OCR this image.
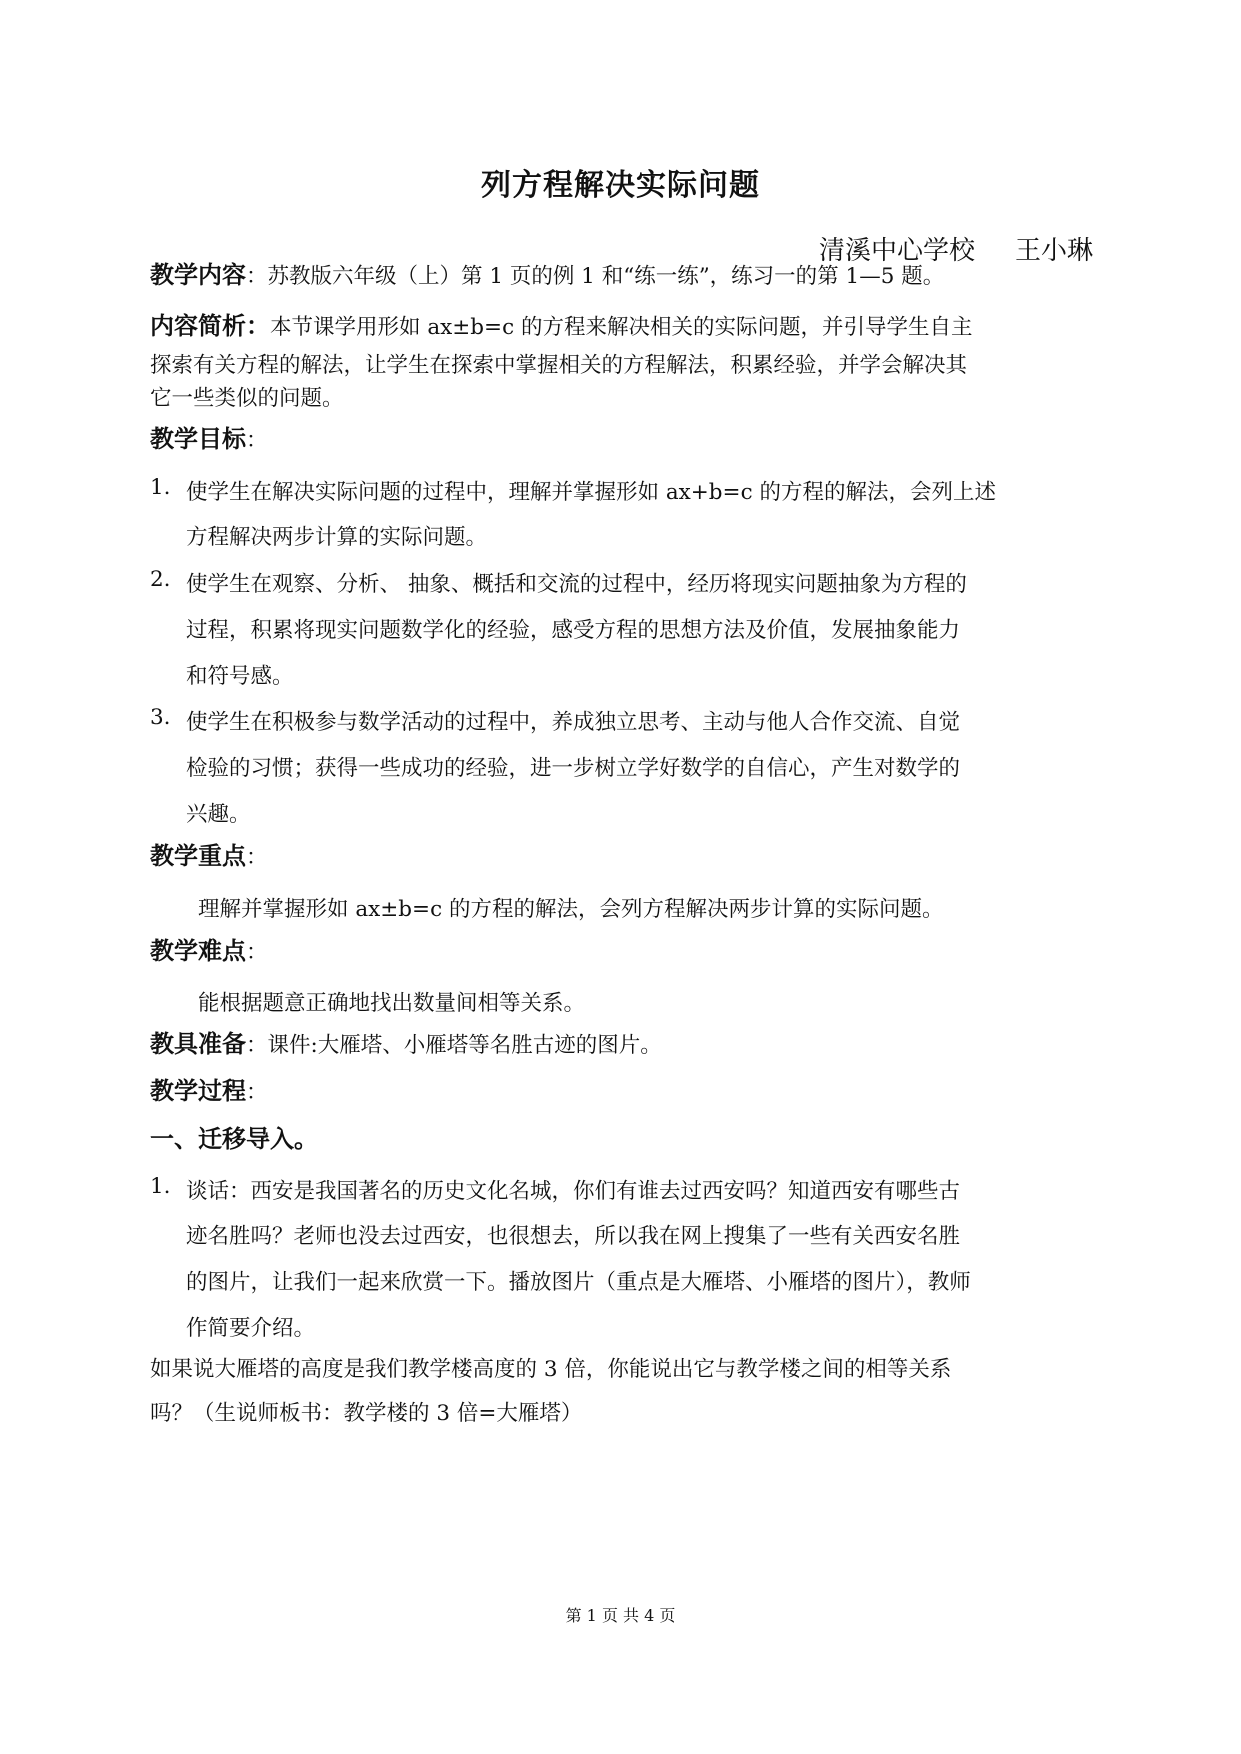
列方程解决实际问题
清溪中心学校 王小琳
教学内容：苏教版六年级（上）第 1 页的例 1 和“练一练”，练习一的第 1—5 题。
内容简析：本节课学用形如 ax±b=c 的方程来解决相关的实际问题，并引导学生自主
探索有关方程的解法，让学生在探索中掌握相关的方程解法，积累经验，并学会解决其
它一些类似的问题。
教学目标：
1. 使学生在解决实际问题的过程中，理解并掌握形如 ax+b=c 的方程的解法，会列上述
方程解决两步计算的实际问题。
2. 使学生在观察、分析、 抽象、概括和交流的过程中，经历将现实问题抽象为方程的
过程，积累将现实问题数学化的经验，感受方程的思想方法及价值，发展抽象能力
和符号感。
3. 使学生在积极参与数学活动的过程中，养成独立思考、主动与他人合作交流、自觉
检验的习惯；获得一些成功的经验，进一步树立学好数学的自信心，产生对数学的
兴趣。
教学重点：
理解并掌握形如 ax±b=c 的方程的解法，会列方程解决两步计算的实际问题。
教学难点：
能根据题意正确地找出数量间相等关系。
教具准备：课件:大雁塔、小雁塔等名胜古迹的图片。
教学过程：
一、迁移导入。
1. 谈话：西安是我国著名的历史文化名城，你们有谁去过西安吗？知道西安有哪些古
迹名胜吗？老师也没去过西安，也很想去，所以我在网上搜集了一些有关西安名胜
的图片，让我们一起来欣赏一下。播放图片（重点是大雁塔、小雁塔的图片），教师
作简要介绍。
如果说大雁塔的高度是我们教学楼高度的 3 倍，你能说出它与教学楼之间的相等关系
吗？（生说师板书：教学楼的 3 倍=大雁塔）
第 1 页 共 4 页
